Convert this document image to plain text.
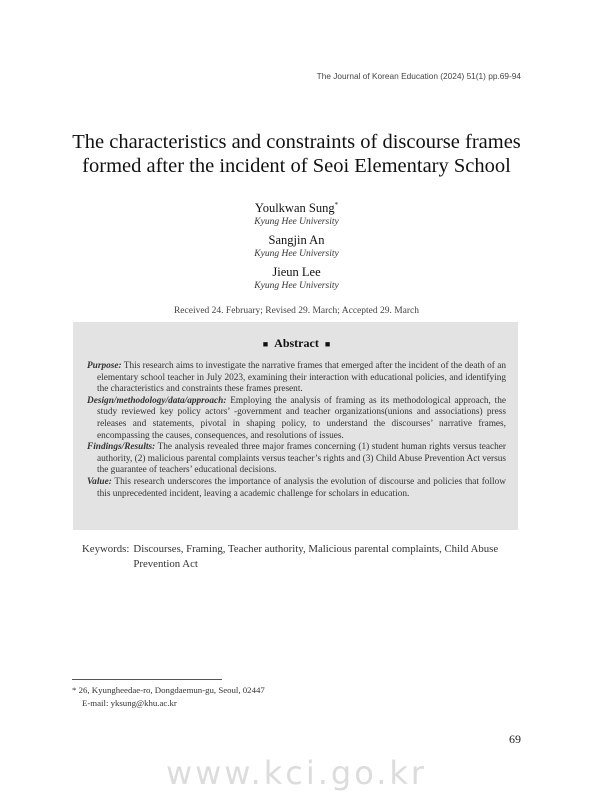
The Journal of Korean Education (2024) 51(1) pp.69-94
The characteristics and constraints of discourse frames
formed after the incident of Seoi Elementary School
Youlkwan Sung*
Kyung Hee University
Sangjin An
Kyung Hee University
Jieun Lee
Kyung Hee University
Received 24. February; Revised 29. March; Accepted 29. March
■ Abstract ■
Purpose: This research aims to investigate the narrative frames that emerged after the incident of the death of an elementary school teacher in July 2023, examining their interaction with educational policies, and identifying the characteristics and constraints these frames present.
Design/methodology/data/approach: Employing the analysis of framing as its methodological approach, the study reviewed key policy actors’ -government and teacher organizations(unions and associations) press releases and statements, pivotal in shaping policy, to understand the discourses’ narrative frames, encompassing the causes, consequences, and resolutions of issues.
Findings/Results: The analysis revealed three major frames concerning (1) student human rights versus teacher authority, (2) malicious parental complaints versus teacher’s rights and (3) Child Abuse Prevention Act versus the guarantee of teachers’ educational decisions.
Value: This research underscores the importance of analysis the evolution of discourse and policies that follow this unprecedented incident, leaving a academic challenge for scholars in education.
Keywords: Discourses, Framing, Teacher authority, Malicious parental complaints, Child Abuse Prevention Act
* 26, Kyungheedae-ro, Dongdaemun-gu, Seoul, 02447
E-mail: yksung@khu.ac.kr
69
www.kci.go.kr
